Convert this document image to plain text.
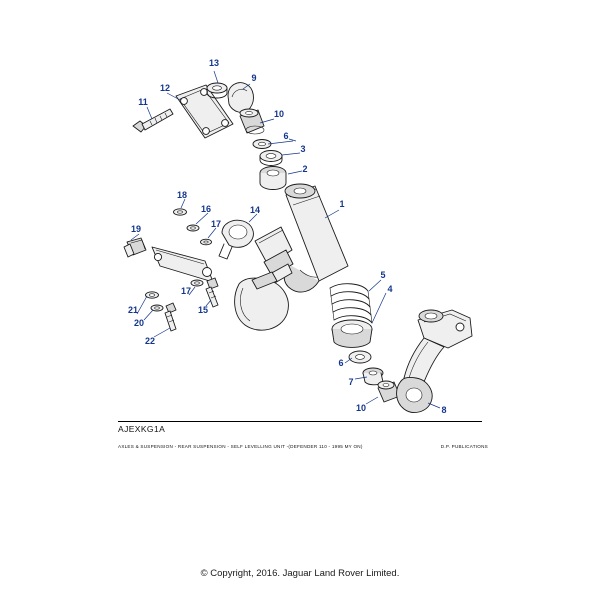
1
2
3
4
5
6
6
7
8
9
10
10
11
12
13
14
15
16
17
17
18
19
20
21
22
AJEXKG1A
AXLES & SUSPENSION - REAR SUSPENSION - SELF LEVELLING UNIT -(DEFENDER 110 - 1995 MY ON)	D.P. PUBLICATIONS
© Copyright, 2016. Jaguar Land Rover Limited.
